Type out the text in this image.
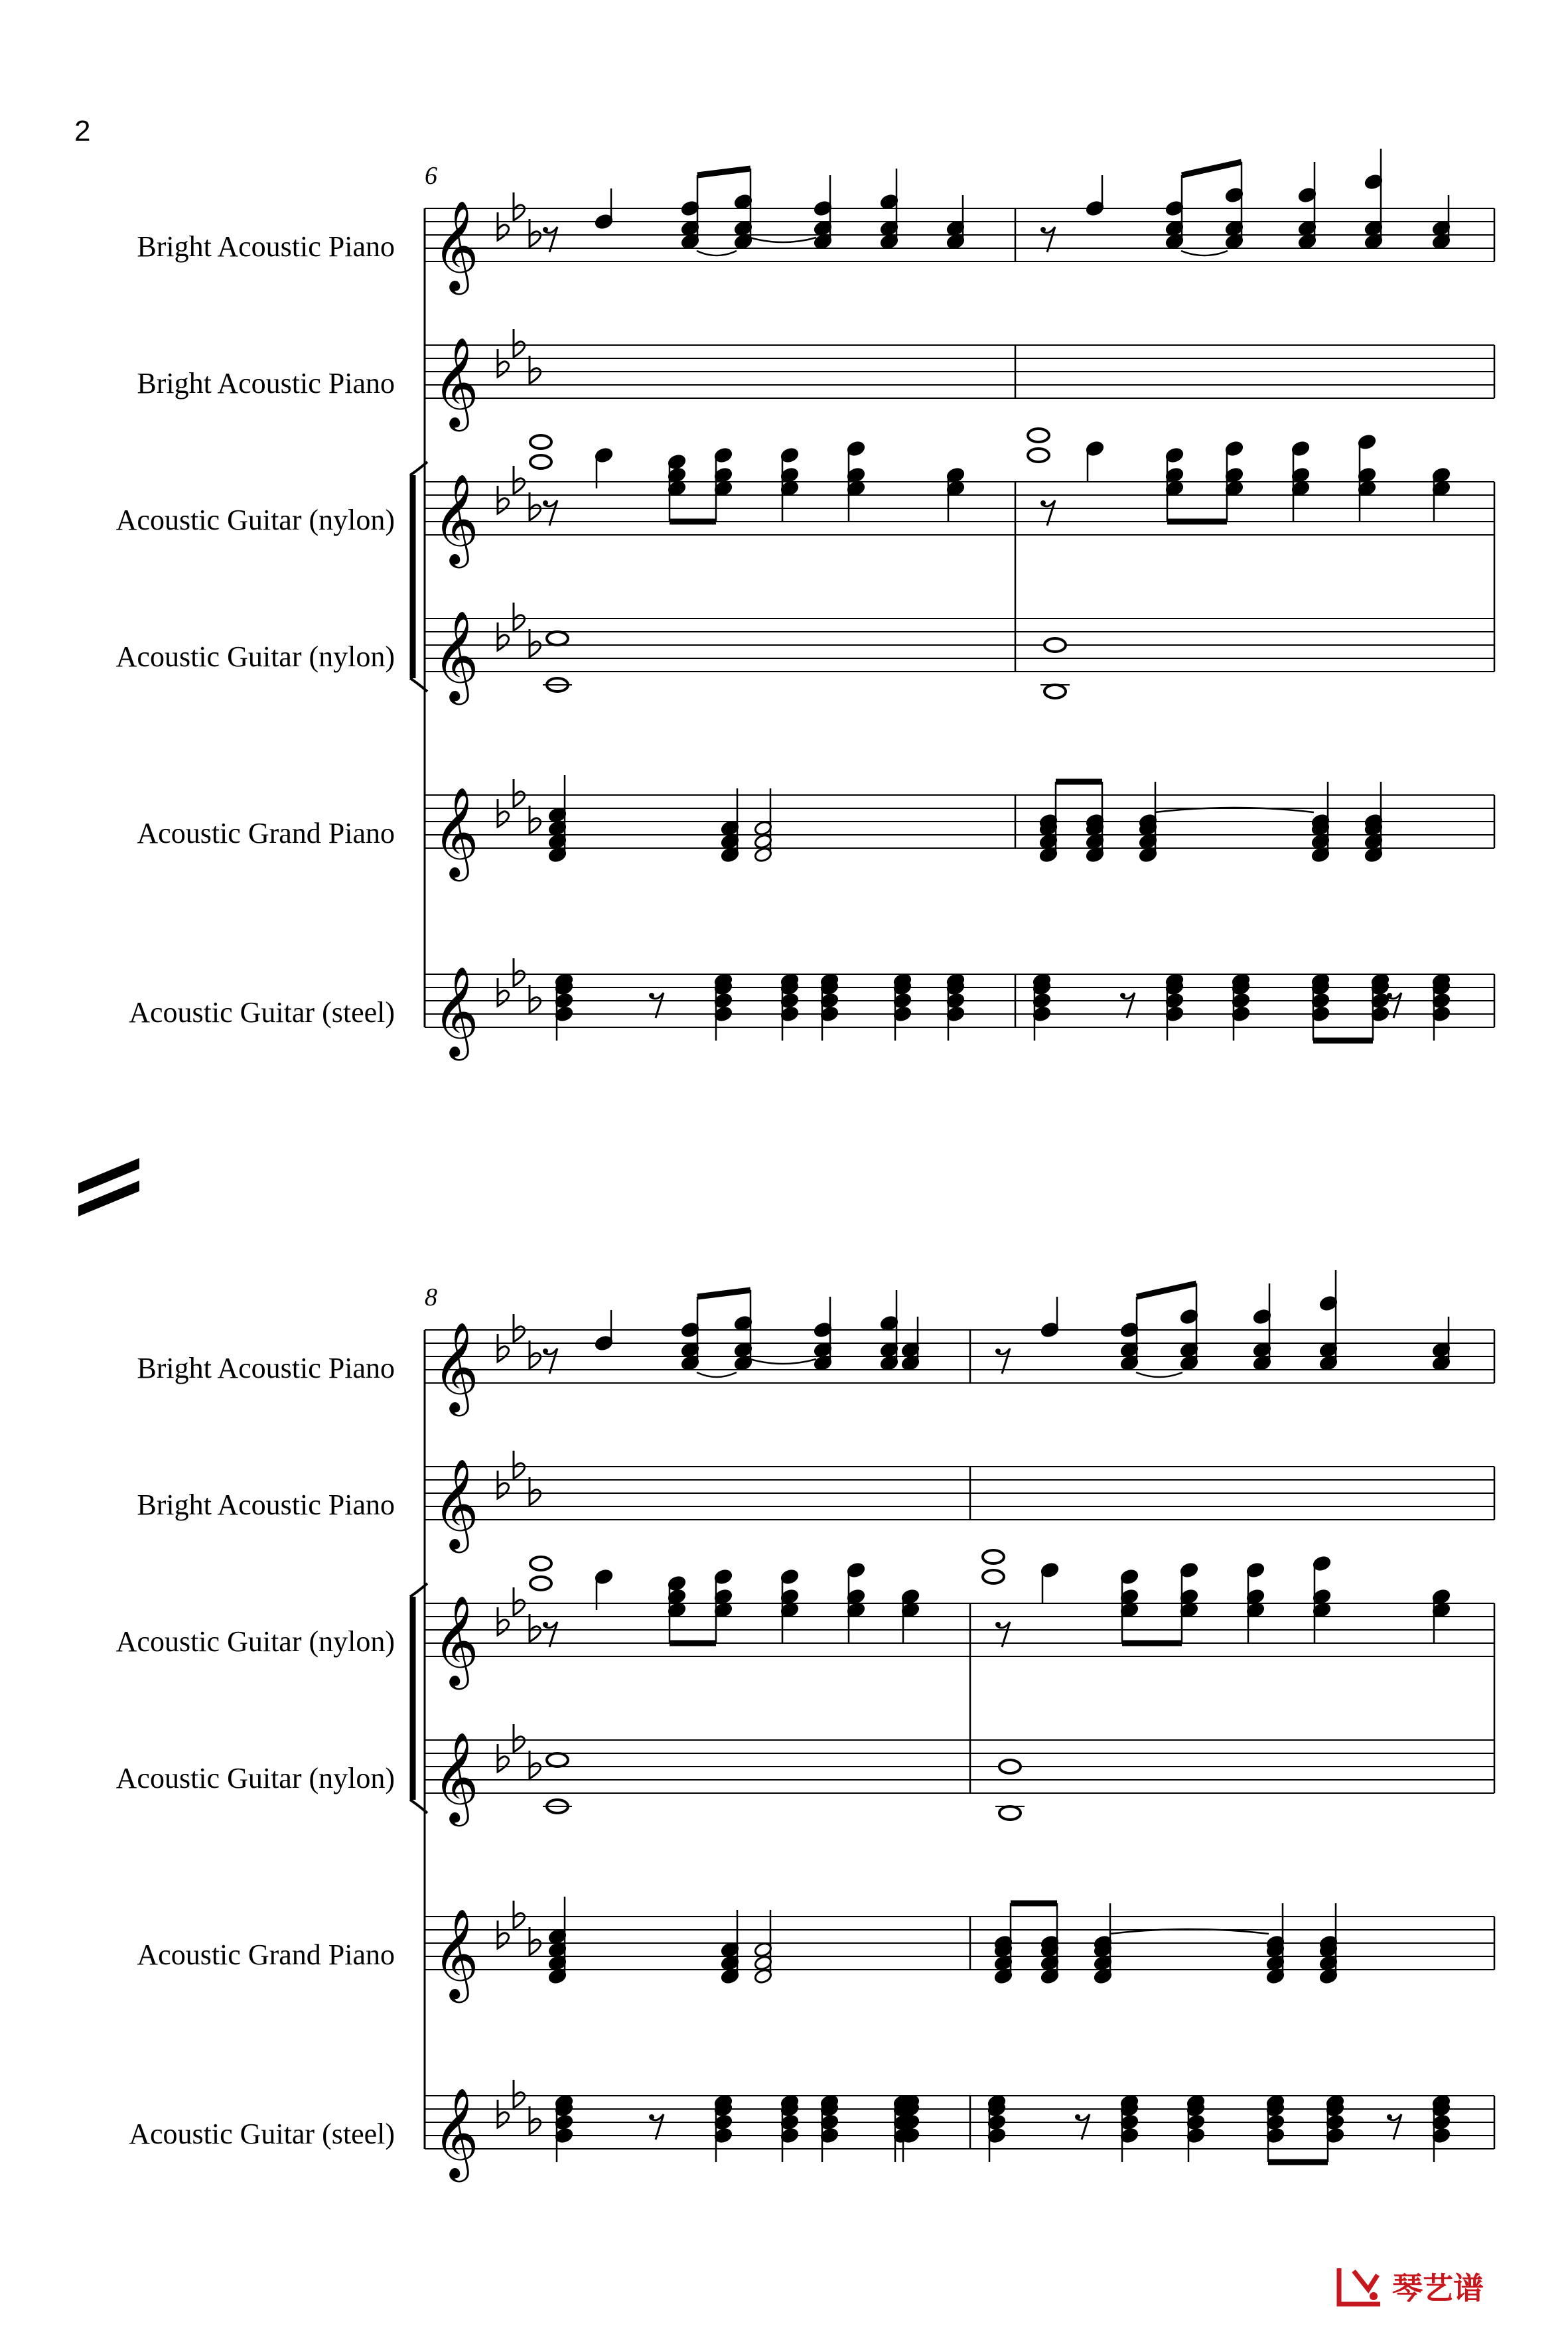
2
6
Bright Acoustic Piano
Bright Acoustic Piano
Acoustic Guitar (nylon)
Acoustic Guitar (nylon)
Acoustic Grand Piano
Acoustic Guitar (steel)
8
Bright Acoustic Piano
Bright Acoustic Piano
Acoustic Guitar (nylon)
Acoustic Guitar (nylon)
Acoustic Grand Piano
Acoustic Guitar (steel)
𝄞
𝄞
𝄞
𝄞
𝄞
𝄞
𝄞
𝄞
𝄞
𝄞
𝄞
𝄞
琴艺谱
